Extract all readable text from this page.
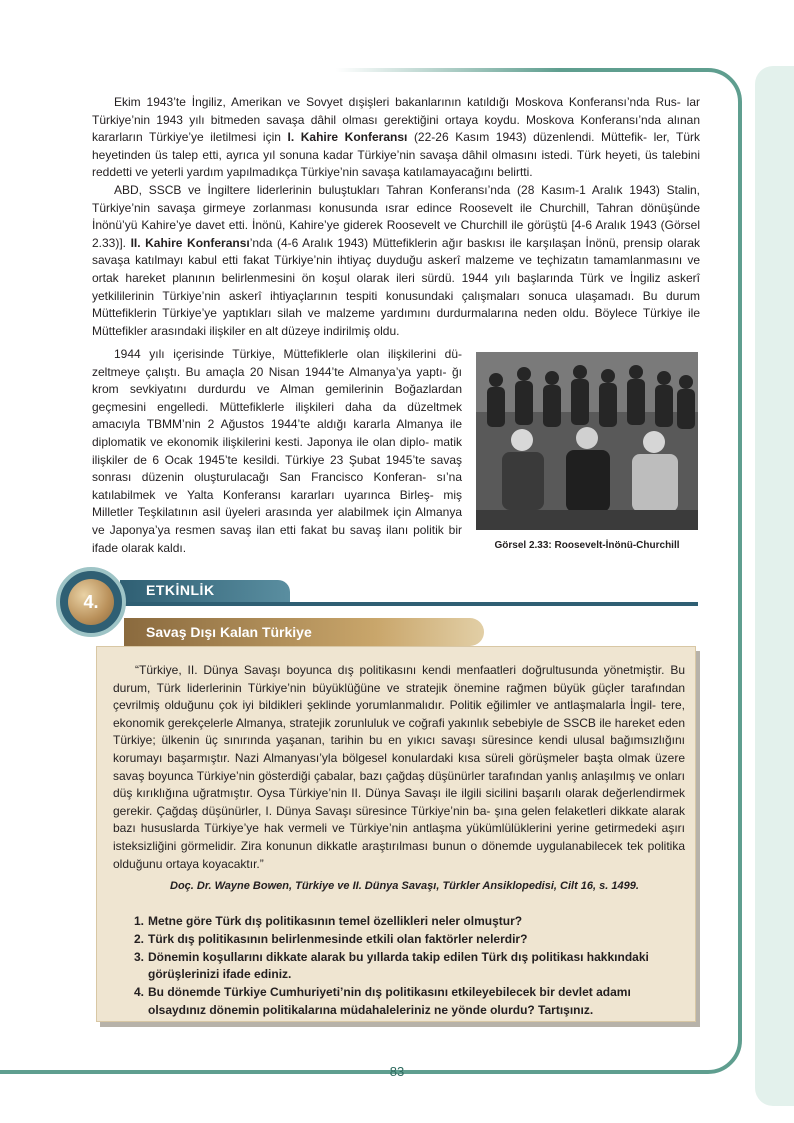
Ekim 1943’te İngiliz, Amerikan ve Sovyet dışişleri bakanlarının katıldığı Moskova Konferansı’nda Rus- lar Türkiye’nin 1943 yılı bitmeden savaşa dâhil olması gerektiğini ortaya koydu. Moskova Konferansı’nda alınan kararların Türkiye’ye iletilmesi için I. Kahire Konferansı (22-26 Kasım 1943) düzenlendi. Müttefik- ler, Türk heyetinden üs talep etti, ayrıca yıl sonuna kadar Türkiye’nin savaşa dâhil olmasını istedi. Türk heyeti, üs talebini reddetti ve yeterli yardım yapılmadıkça Türkiye’nin savaşa katılamayacağını belirtti.

ABD, SSCB ve İngiltere liderlerinin buluştukları Tahran Konferansı’nda (28 Kasım-1 Aralık 1943) Stalin, Türkiye’nin savaşa girmeye zorlanması konusunda ısrar edince Roosevelt ile Churchill, Tahran dönüşünde İnönü’yü Kahire’ye davet etti. İnönü, Kahire’ye giderek Roosevelt ve Churchill ile görüştü [4-6 Aralık 1943 (Görsel 2.33)]. II. Kahire Konferansı’nda (4-6 Aralık 1943) Müttefiklerin ağır baskısı ile karşılaşan İnönü, prensip olarak savaşa katılmayı kabul etti fakat Türkiye’nin ihtiyaç duyduğu askerî malzeme ve teçhizatın tamamlanmasını ve ortak hareket planının belirlenmesini ön koşul olarak ileri sürdü. 1944 yılı başlarında Türk ve İngiliz askerî yetkililerinin Türkiye’nin askerî ihtiyaçlarının tespiti konusundaki çalışmaları sonuca ulaşamadı. Bu durum Müttefiklerin Türkiye’ye yaptıkları silah ve malzeme yardımını durdurmalarına neden oldu. Böylece Türkiye ile Müttefikler arasındaki ilişkiler en alt düzeye indirilmiş oldu.

1944 yılı içerisinde Türkiye, Müttefiklerle olan ilişkilerini dü- zeltmeye çalıştı. Bu amaçla 20 Nisan 1944’te Almanya’ya yaptı- ğı krom sevkiyatını durdurdu ve Alman gemilerinin Boğazlardan geçmesini engelledi. Müttefiklerle ilişkileri daha da düzeltmek amacıyla TBMM’nin 2 Ağustos 1944’te aldığı kararla Almanya ile diplomatik ve ekonomik ilişkilerini kesti. Japonya ile olan diplo- matik ilişkiler de 6 Ocak 1945’te kesildi. Türkiye 23 Şubat 1945’te savaş sonrası düzenin oluşturulacağı San Francisco Konferan- sı’na katılabilmek ve Yalta Konferansı kararları uyarınca Birleş- miş Milletler Teşkilatının asil üyeleri arasında yer alabilmek için Almanya ve Japonya’ya resmen savaş ilan etti fakat bu savaş ilanı politik bir ifade olarak kaldı.	Görsel 2.33: Roosevelt-İnönü-Churchill
ETKİNLİK
Savaş Dışı Kalan Türkiye
4.

“Türkiye, II. Dünya Savaşı boyunca dış politikasını kendi menfaatleri doğrultusunda yönetmiştir. Bu durum, Türk liderlerinin Türkiye’nin büyüklüğüne ve stratejik önemine rağmen büyük güçler tarafından çevrilmiş olduğunu çok iyi bildikleri şeklinde yorumlanmalıdır. Politik eğilimler ve antlaşmalarla İngil- tere, ekonomik gerekçelerle Almanya, stratejik zorunluluk ve coğrafi yakınlık sebebiyle de SSCB ile hareket eden Türkiye; ülkenin üç sınırında yaşanan, tarihin bu en yıkıcı savaşı süresince kendi ulusal bağımsızlığını korumayı başarmıştır. Nazi Almanyası’yla bölgesel konulardaki kısa süreli görüşmeler başta olmak üzere savaş boyunca Türkiye’nin gösterdiği çabalar, bazı çağdaş düşünürler tarafından yanlış anlaşılmış ve onları düş kırıklığına uğratmıştır. Oysa Türkiye’nin II. Dünya Savaşı ile ilgili sicilini başarılı olarak değerlendirmek gerekir. Çağdaş düşünürler, I. Dünya Savaşı süresince Türkiye’nin ba- şına gelen felaketleri dikkate alarak bazı hususlarda Türkiye’ye hak vermeli ve Türkiye’nin antlaşma yükümlülüklerini yerine getirmedeki aşırı isteksizliğini görmelidir. Zira konunun dikkatle araştırılması bunun o dönemde uygulanabilecek tek politika olduğunu ortaya koyacaktır.”

Doç. Dr. Wayne Bowen, Türkiye ve II. Dünya Savaşı, Türkler Ansiklopedisi, Cilt 16, s. 1499.
1. Metne göre Türk dış politikasının temel özellikleri neler olmuştur?
2. Türk dış politikasının belirlenmesinde etkili olan faktörler nelerdir?
3. Dönemin koşullarını dikkate alarak bu yıllarda takip edilen Türk dış politikası hakkındaki görüşlerinizi ifade ediniz.
4. Bu dönemde Türkiye Cumhuriyeti’nin dış politikasını etkileyebilecek bir devlet adamı olsaydınız dönemin politikalarına müdahaleleriniz ne yönde olurdu? Tartışınız.
83
